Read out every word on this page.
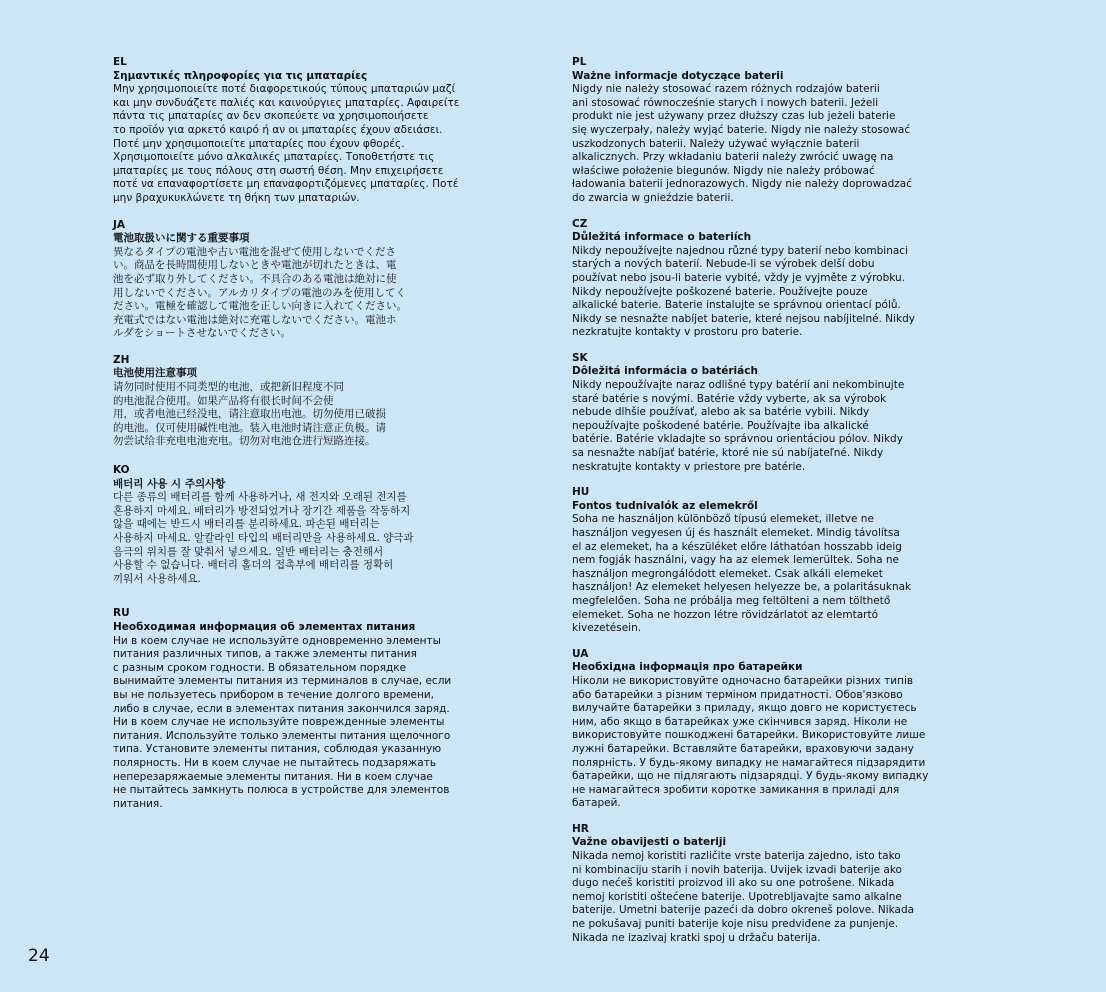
EL

Σημαντικές πληροφορίες για τις μπαταρίες

Μην χρησιμοποιείτε ποτέ διαφορετικούς τύπους μπαταριών μαζί
και μην συνδυάζετε παλιές και καινούργιες μπαταρίες. Αφαιρείτε
πάντα τις μπαταρίες αν δεν σκοπεύετε να χρησιμοποιήσετε
το προϊόν για αρκετό καιρό ή αν οι μπαταρίες έχουν αδειάσει.
Ποτέ μην χρησιμοποιείτε μπαταρίες που έχουν φθορές.
Χρησιμοποιείτε μόνο αλκαλικές μπαταρίες. Τοποθετήστε τις
μπαταρίες με τους πόλους στη σωστή θέση. Μην επιχειρήσετε
ποτέ να επαναφορτίσετε μη επαναφορτιζόμενες μπαταρίες. Ποτέ
μην βραχυκυκλώνετε τη θήκη των μπαταριών.

JA

電池取扱いに関する重要事項

異なるタイプの電池や古い電池を混ぜて使用しないでくださ
い。商品を長時間使用しないときや電池が切れたときは、電
池を必ず取り外してください。不具合のある電池は絶対に使
用しないでください。アルカリタイプの電池のみを使用してく
ださい。電極を確認して電池を正しい向きに入れてください。
充電式ではない電池は絶対に充電しないでください。電池ホ
ルダをショートさせないでください。

ZH

电池使用注意事项

请勿同时使用不同类型的电池，或把新旧程度不同
的电池混合使用。如果产品将有很长时间不会使
用，或者电池已经没电，请注意取出电池。切勿使用已破损
的电池。仅可使用碱性电池。装入电池时请注意正负极。请
勿尝试给非充电电池充电。切勿对电池仓进行短路连接。

KO

배터리 사용 시 주의사항

다른 종류의 배터리를 함께 사용하거나, 새 전지와 오래된 전지를
혼용하지 마세요. 배터리가 방전되었거나 장기간 제품을 작동하지
않을 때에는 반드시 배터리를 분리하세요. 파손된 배터리는
사용하지 마세요. 알칼라인 타입의 배터리만을 사용하세요. 양극과
음극의 위치를 잘 맞춰서 넣으세요. 일반 배터리는 충전해서
사용할 수 없습니다. 배터리 홀더의 접촉부에 배터리를 정확히
끼워서 사용하세요.

RU

Необходимая информация об элементах питания

Ни в коем случае не используйте одновременно элементы
питания различных типов, а также элементы питания
с разным сроком годности. В обязательном порядке
вынимайте элементы питания из терминалов в случае, если
вы не пользуетесь прибором в течение долгого времени,
либо в случае, если в элементах питания закончился заряд.
Ни в коем случае не используйте поврежденные элементы
питания. Используйте только элементы питания щелочного
типа. Установите элементы питания, соблюдая указанную
полярность. Ни в коем случае не пытайтесь подзаряжать
неперезаряжаемые элементы питания. Ни в коем случае
не пытайтесь замкнуть полюса в устройстве для элементов
питания.

PL

Ważne informacje dotyczące baterii

Nigdy nie należy stosować razem różnych rodzajów baterii
ani stosować równocześnie starych i nowych baterii. Jeżeli
produkt nie jest używany przez dłuższy czas lub jeżeli baterie
się wyczerpały, należy wyjąć baterie. Nigdy nie należy stosować
uszkodzonych baterii. Należy używać wyłącznie baterii
alkalicznych. Przy wkładaniu baterii należy zwrócić uwagę na
właściwe położenie biegunów. Nigdy nie należy próbować
ładowania baterii jednorazowych. Nigdy nie należy doprowadzać
do zwarcia w gnieździe baterii.

CZ

Důležitá informace o bateriích

Nikdy nepoužívejte najednou různé typy baterií nebo kombinaci
starých a nových baterií. Nebude-li se výrobek delší dobu
používat nebo jsou-li baterie vybité, vždy je vyjměte z výrobku.
Nikdy nepoužívejte poškozené baterie. Používejte pouze
alkalické baterie. Baterie instalujte se správnou orientací pólů.
Nikdy se nesnažte nabíjet baterie, které nejsou nabíjitelné. Nikdy
nezkratujte kontakty v prostoru pro baterie.

SK

Dôležitá informácia o batériách

Nikdy nepoužívajte naraz odlišné typy batérií ani nekombinujte
staré batérie s novými. Batérie vždy vyberte, ak sa výrobok
nebude dlhšie používať, alebo ak sa batérie vybili. Nikdy
nepoužívajte poškodené batérie. Používajte iba alkalické
batérie. Batérie vkladajte so správnou orientáciou pólov. Nikdy
sa nesnažte nabíjať batérie, ktoré nie sú nabíjateľné. Nikdy
neskratujte kontakty v priestore pre batérie.

HU

Fontos tudnivalók az elemekről

Soha ne használjon különböző típusú elemeket, illetve ne
használjon vegyesen új és használt elemeket. Mindig távolítsa
el az elemeket, ha a készüléket előre láthatóan hosszabb ideig
nem fogják használni, vagy ha az elemek lemerültek. Soha ne
használjon megrongálódott elemeket. Csak alkáli elemeket
használjon! Az elemeket helyesen helyezze be, a polaritásuknak
megfelelően. Soha ne próbálja meg feltölteni a nem tölthető
elemeket. Soha ne hozzon létre rövidzárlatot az elemtartó
kivezetésein.

UA

Необхідна інформація про батарейки

Ніколи не використовуйте одночасно батарейки різних типів
або батарейки з різним терміном придатності. Обов'язково
вилучайте батарейки з приладу, якщо довго не користуєтесь
ним, або якщо в батарейках уже скінчився заряд. Ніколи не
використовуйте пошкоджені батарейки. Використовуйте лише
лужні батарейки. Вставляйте батарейки, враховуючи задану
полярність. У будь-якому випадку не намагайтеся підзарядити
батарейки, що не підлягають підзарядці. У будь-якому випадку
не намагайтеся зробити коротке замикання в приладі для
батарей.

HR

Važne obavijesti o bateriji

Nikada nemoj koristiti različite vrste baterija zajedno, isto tako
ni kombinaciju starih i novih baterija. Uvijek izvadi baterije ako
dugo nećeš koristiti proizvod ili ako su one potrošene. Nikada
nemoj koristiti oštećene baterije. Upotrebljavajte samo alkalne
baterije. Umetni baterije pazeći da dobro okreneš polove. Nikada
ne pokušavaj puniti baterije koje nisu predviđene za punjenje.
Nikada ne izazivaj kratki spoj u držaču baterija.

24
